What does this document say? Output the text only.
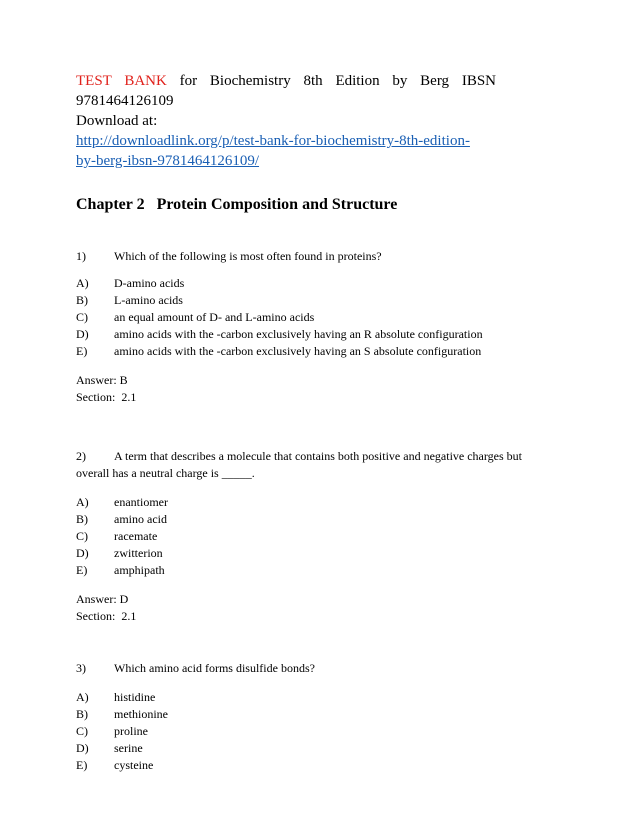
TEST BANK for Biochemistry 8th Edition by Berg IBSN
9781464126109
Download at:
http://downloadlink.org/p/test-bank-for-biochemistry-8th-edition-
by-berg-ibsn-9781464126109/
Chapter 2   Protein Composition and Structure
1)	Which of the following is most often found in proteins?
A)	D-amino acids
B)	L-amino acids
C)	an equal amount of D- and L-amino acids
D)	amino acids with the -carbon exclusively having an R absolute configuration
E)	amino acids with the -carbon exclusively having an S absolute configuration
Answer: B
Section:  2.1
2)	A term that describes a molecule that contains both positive and negative charges but
overall has a neutral charge is _____.
A)	enantiomer
B)	amino acid
C)	racemate
D)	zwitterion
E)	amphipath
Answer: D
Section:  2.1
3)	Which amino acid forms disulfide bonds?
A)	histidine
B)	methionine
C)	proline
D)	serine
E)	cysteine
